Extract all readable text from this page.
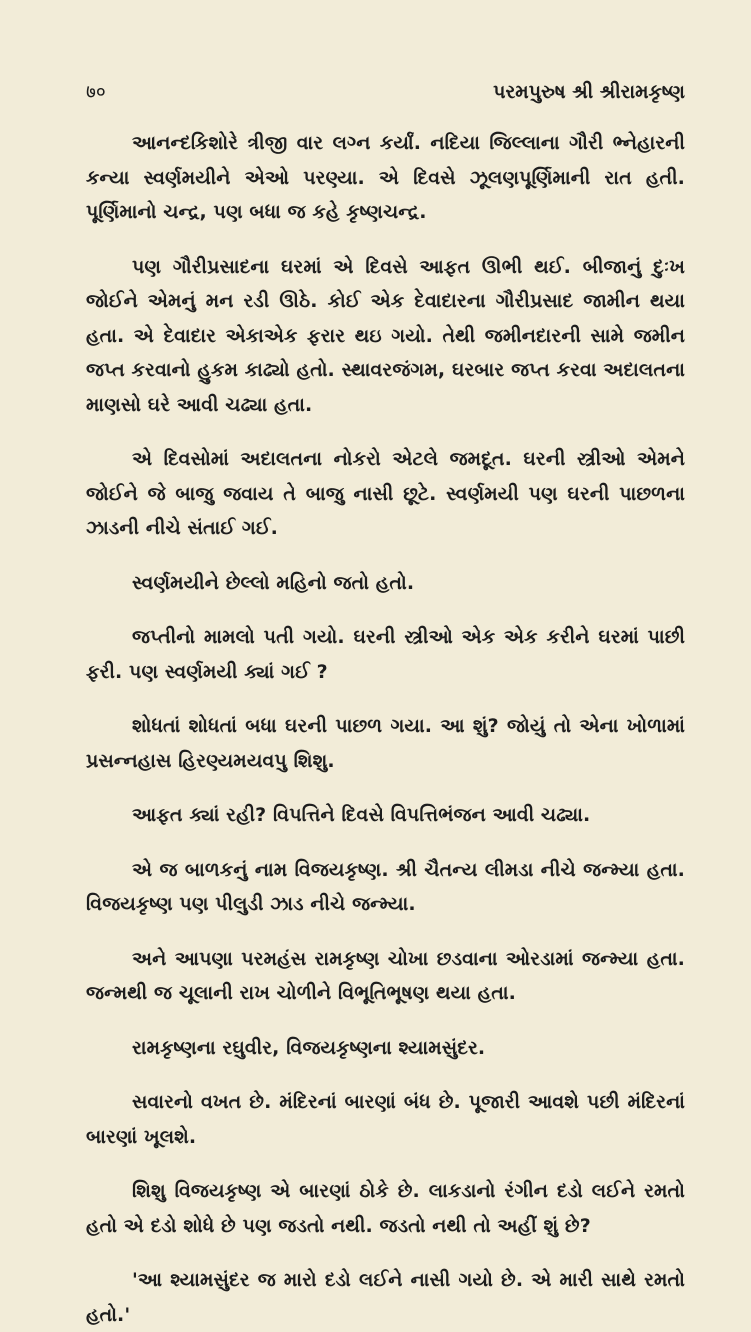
७०	પરમપુરુષ શ્રી શ્રીરામકૃષ્ણ

આનન્દકિશોરે ત્રીજી વાર લગ્ન કર્યાં. નદિયા જિલ્લાના ગૌરી ભ્નેહારની કન્યા સ્વર્ણમયીને એઓ પરણ્યા. એ દિવસે ઝૂલણપૂર્ણિમાની રાત હતી. પૂર્ણિમાનો ચન્દ્ર, પણ બધા જ કહે કૃષ્ણચન્દ્ર.

પણ ગૌરીપ્રસાદના ઘરમાં એ દિવસે આફત ઊભી થઈ. બીજાનું દુઃખ જોઈને એમનું મન રડી ઊઠે. કોઈ એક દેવાદારના ગૌરીપ્રસાદ જામીન થયા હતા. એ દેવાદાર એકાએક ફરાર થઇ ગયો. તેથી જમીનદારની સામે જમીન જપ્ત કરવાનો હુકમ કાઢ્યો હતો. સ્થાવરજંગમ, ઘરબાર જપ્ત કરવા અદાલતના માણસો ઘરે આવી ચઢ્યા હતા.

એ દિવસોમાં અદાલતના નોકરો એટલે જમદૂત. ઘરની સ્ત્રીઓ એમને જોઈને જે બાજુ જવાય તે બાજુ નાસી છૂટે. સ્વર્ણમયી પણ ઘરની પાછળના ઝાડની નીચે સંતાઈ ગઈ.

સ્વર્ણમયીને છેલ્લો મહિનો જતો હતો.

જપ્તીનો મામલો પતી ગયો. ઘરની સ્ત્રીઓ એક એક કરીને ઘરમાં પાછી ફરી. પણ સ્વર્ણમયી ક્યાં ગઈ ?

શોધતાં શોધતાં બધા ઘરની પાછળ ગયા. આ શું? જોયું તો એના ખોળામાં પ્રસન્નહાસ હિરણ્યમયવપુ શિશુ.

આફત ક્યાં રહી? વિપત્તિને દિવસે વિપત્તિભંજન આવી ચઢ્યા.

એ જ બાળકનું નામ વિજયકૃષ્ણ. શ્રી ચૈતન્ય લીમડા નીચે જન્મ્યા હતા. વિજયકૃષ્ણ પણ પીલુડી ઝાડ નીચે જન્મ્યા.

અને આપણા પરમહંસ રામકૃષ્ણ ચોખા છડવાના ઓરડામાં જન્મ્યા હતા. જન્મથી જ ચૂલાની રાખ ચોળીને વિભૂતિભૂષણ થયા હતા.

રામકૃષ્ણના રઘુવીર, વિજયકૃષ્ણના શ્યામસુંદર.

સવારનો વખત છે. મંદિરનાં બારણાં બંધ છે. પૂજારી આવશે પછી મંદિરનાં બારણાં ખૂલશે.

શિશુ વિજયકૃષ્ણ એ બારણાં ઠોકે છે. લાકડાનો રંગીન દડો લઈને રમતો હતો એ દડો શોધે છે પણ જડતો નથી. જડતો નથી તો અહીં શું છે?

'આ શ્યામસુંદર જ મારો દડો લઈને નાસી ગયો છે. એ મારી સાથે રમતો હતો.'
